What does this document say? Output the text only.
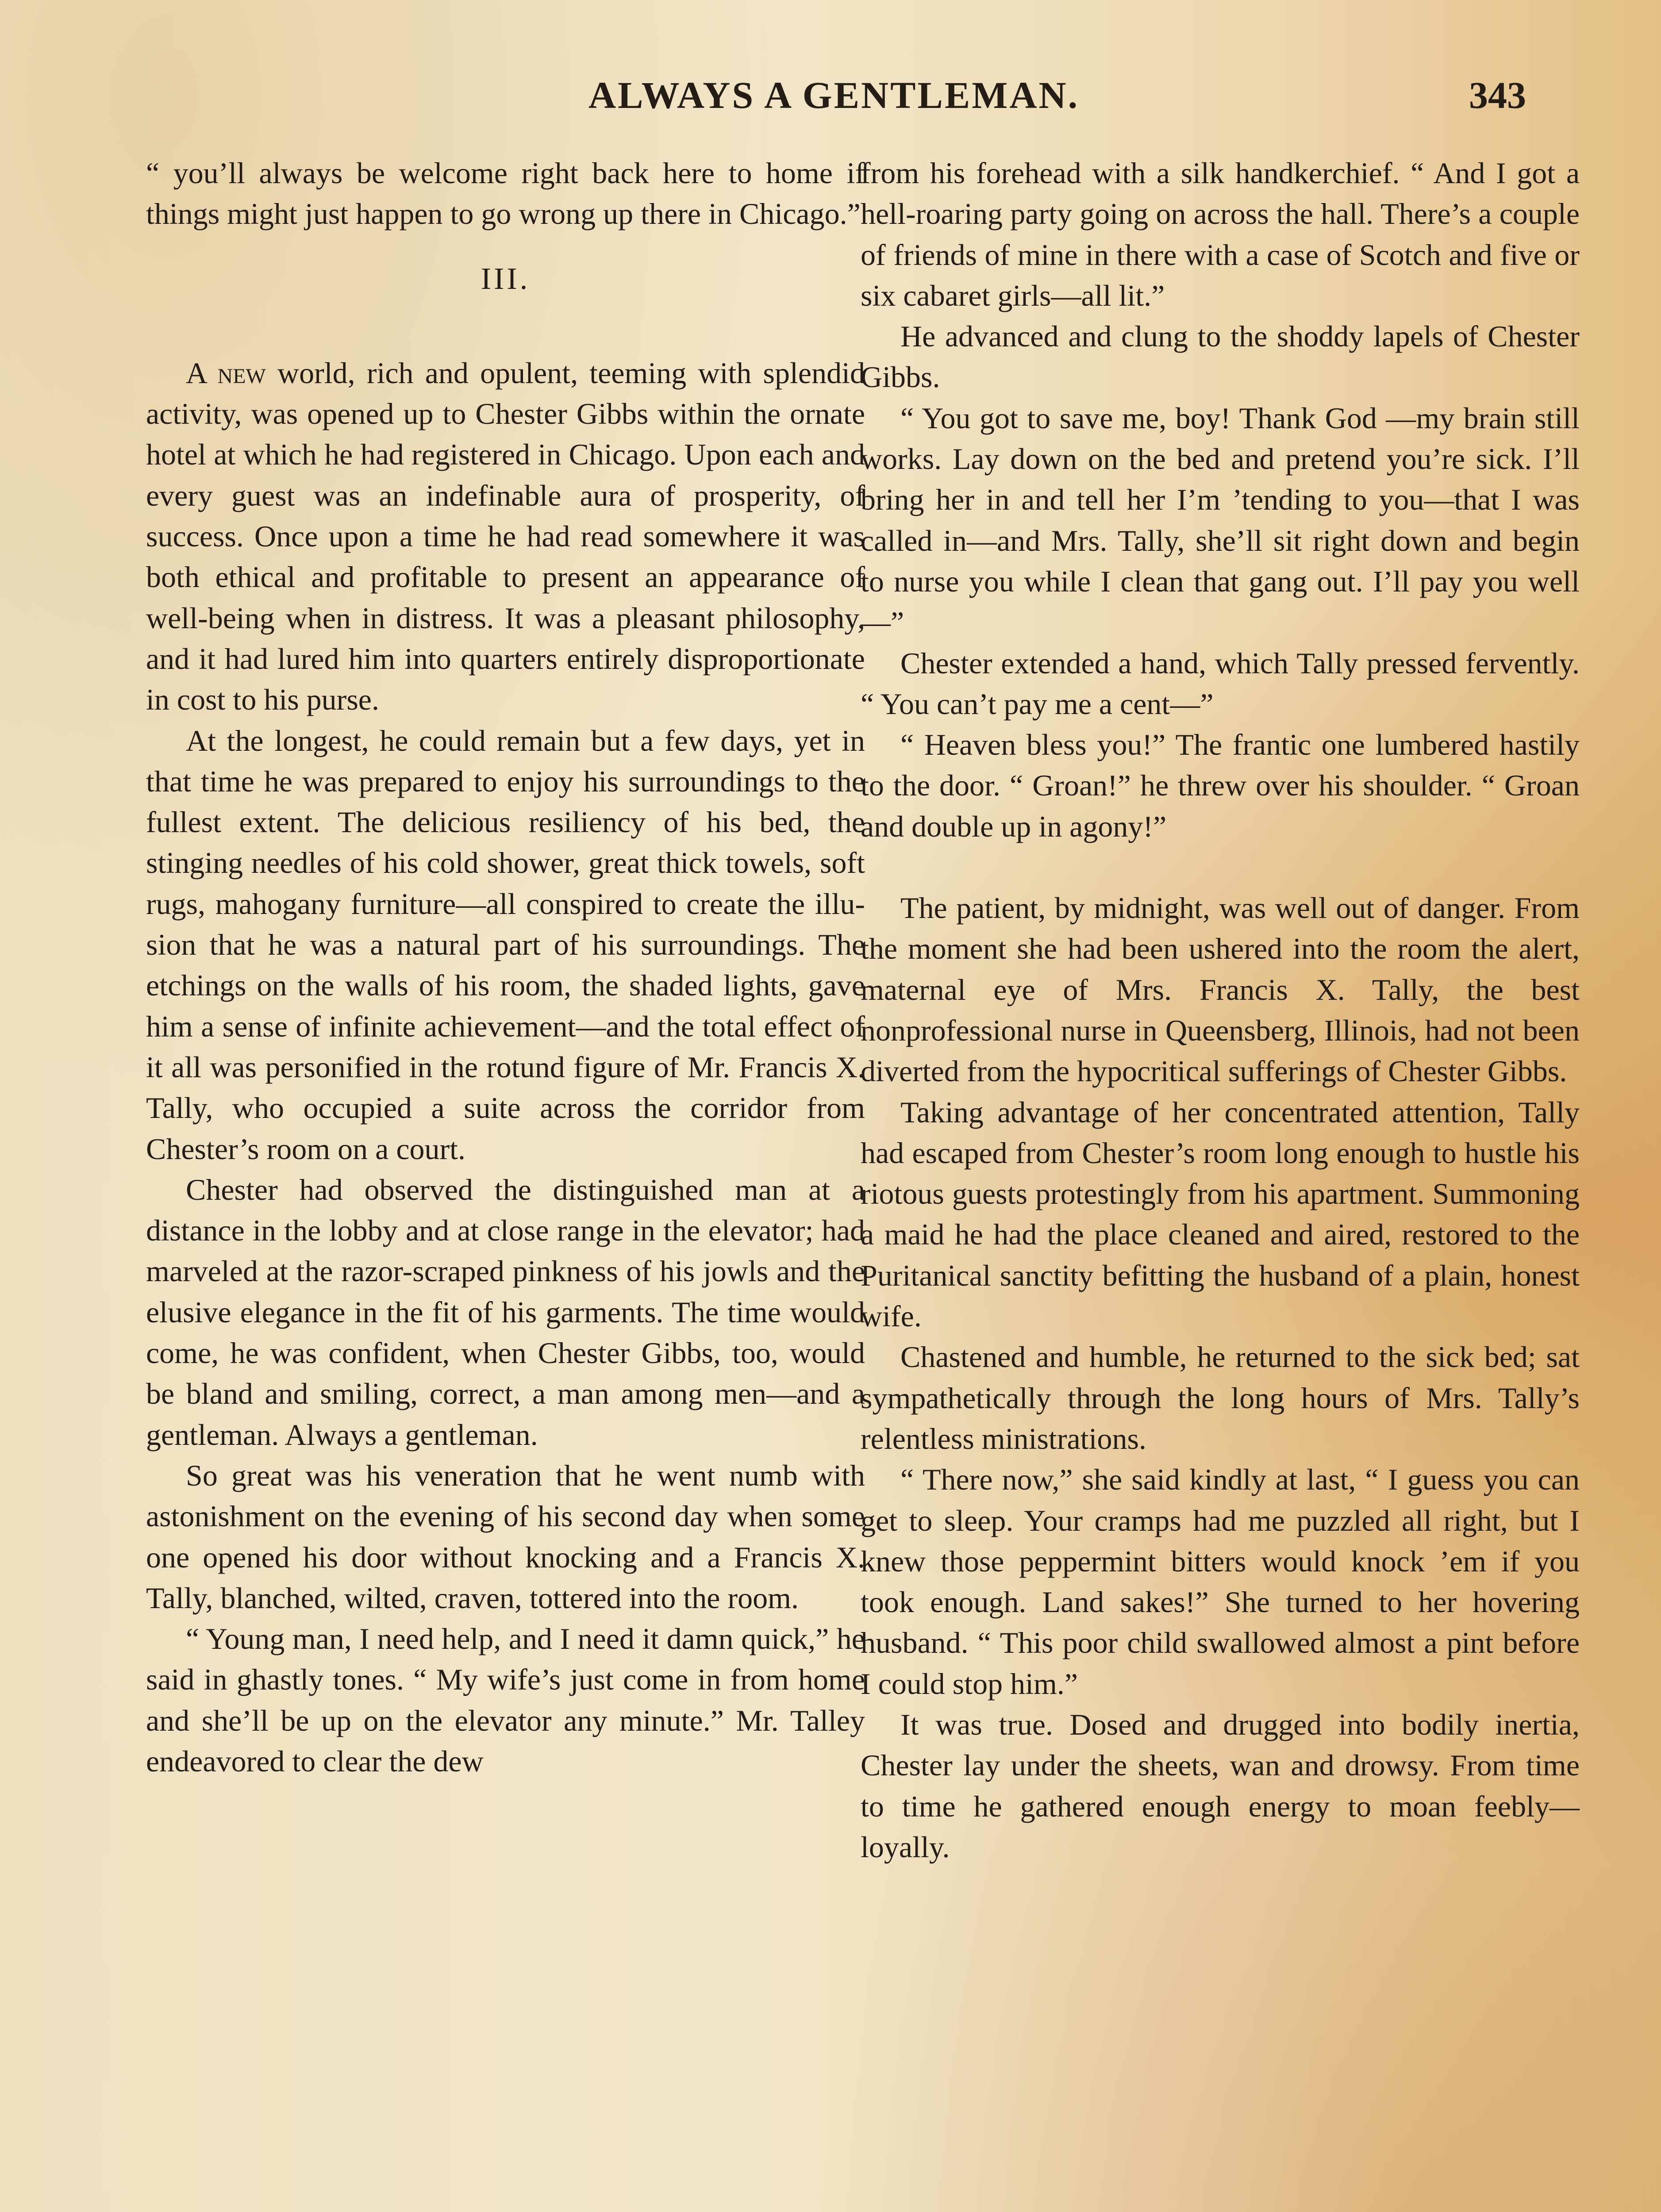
ALWAYS A GENTLEMAN.	343

“ you’ll always be welcome right back here to home if things might just happen to go wrong up there in Chicago.”

III.

A new world, rich and opulent, teeming with splendid activity, was opened up to Chester Gibbs within the ornate hotel at which he had registered in Chicago. Upon each and every guest was an indefinable aura of prosperity, of success. Once upon a time he had read somewhere it was both ethical and profitable to present an appearance of well-being when in distress. It was a pleasant philosophy, and it had lured him into quarters entirely disproportionate in cost to his purse.

At the longest, he could remain but a few days, yet in that time he was prepared to enjoy his surroundings to the fullest extent. The delicious resiliency of his bed, the stinging needles of his cold shower, great thick towels, soft rugs, mahogany furniture—all conspired to create the illusion that he was a natural part of his surroundings. The etchings on the walls of his room, the shaded lights, gave him a sense of infinite achievement—and the total effect of it all was personified in the rotund figure of Mr. Francis X. Tally, who occupied a suite across the corridor from Chester’s room on a court.

Chester had observed the distinguished man at a distance in the lobby and at close range in the elevator; had marveled at the razor-scraped pinkness of his jowls and the elusive elegance in the fit of his garments. The time would come, he was confident, when Chester Gibbs, too, would be bland and smiling, correct, a man among men—and a gentleman. Always a gentleman.

So great was his veneration that he went numb with astonishment on the evening of his second day when some one opened his door without knocking and a Francis X. Tally, blanched, wilted, craven, tottered into the room.

“ Young man, I need help, and I need it damn quick,” he said in ghastly tones. “ My wife’s just come in from home and she’ll be up on the elevator any minute.” Mr. Talley endeavored to clear the dew

from his forehead with a silk handkerchief. “ And I got a hell-roaring party going on across the hall. There’s a couple of friends of mine in there with a case of Scotch and five or six cabaret girls—all lit.”

He advanced and clung to the shoddy lapels of Chester Gibbs.

“ You got to save me, boy! Thank God —my brain still works. Lay down on the bed and pretend you’re sick. I’ll bring her in and tell her I’m ’tending to you—that I was called in—and Mrs. Tally, she’ll sit right down and begin to nurse you while I clean that gang out. I’ll pay you well—”

Chester extended a hand, which Tally pressed fervently. “ You can’t pay me a cent—”

“ Heaven bless you!” The frantic one lumbered hastily to the door. “ Groan!” he threw over his shoulder. “ Groan and double up in agony!”

The patient, by midnight, was well out of danger. From the moment she had been ushered into the room the alert, maternal eye of Mrs. Francis X. Tally, the best nonprofessional nurse in Queensberg, Illinois, had not been diverted from the hypocritical sufferings of Chester Gibbs.

Taking advantage of her concentrated attention, Tally had escaped from Chester’s room long enough to hustle his riotous guests protestingly from his apartment. Summoning a maid he had the place cleaned and aired, restored to the Puritanical sanctity befitting the husband of a plain, honest wife.

Chastened and humble, he returned to the sick bed; sat sympathetically through the long hours of Mrs. Tally’s relentless ministrations.

“ There now,” she said kindly at last, “ I guess you can get to sleep. Your cramps had me puzzled all right, but I knew those peppermint bitters would knock ’em if you took enough. Land sakes!” She turned to her hovering husband. “ This poor child swallowed almost a pint before I could stop him.”

It was true. Dosed and drugged into bodily inertia, Chester lay under the sheets, wan and drowsy. From time to time he gathered enough energy to moan feebly—loyally.
